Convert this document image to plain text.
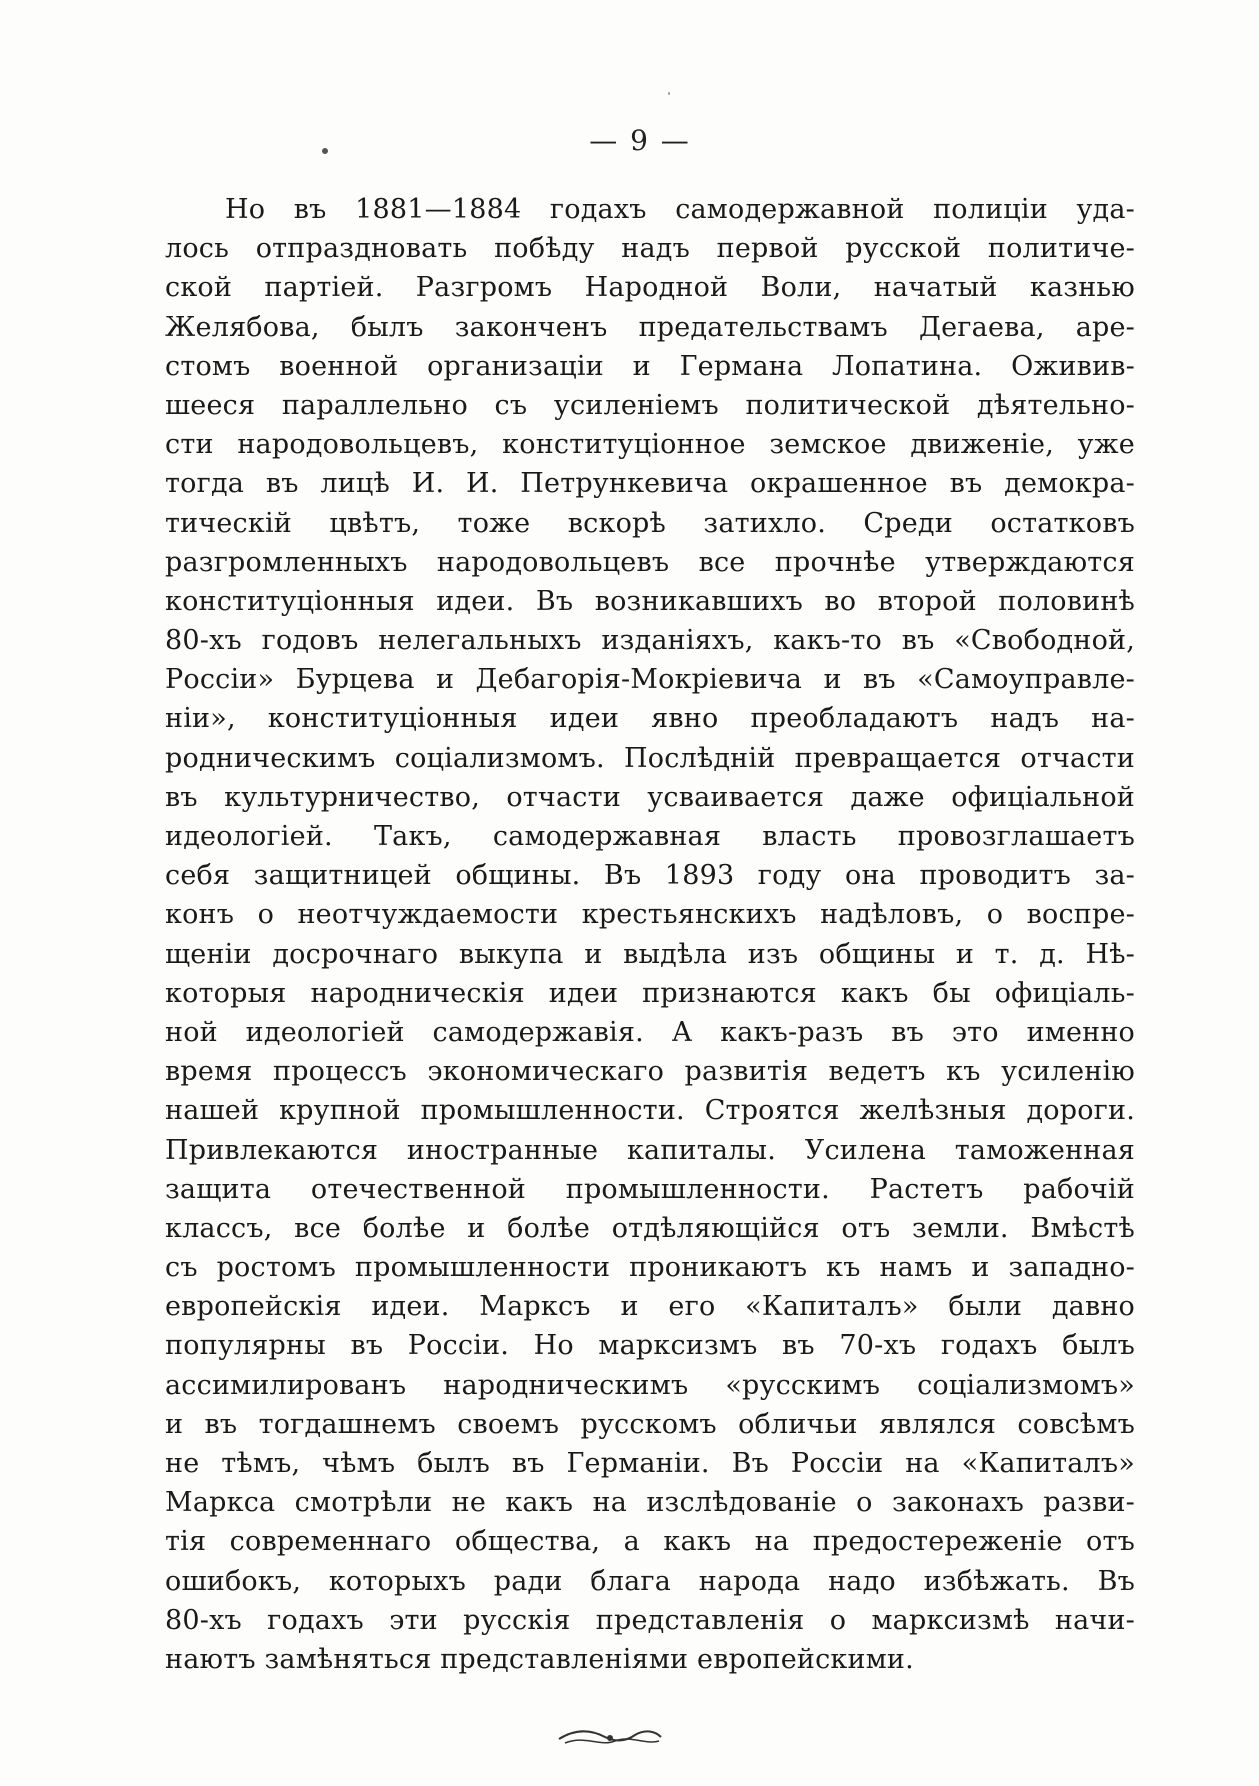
— 9 —
Но въ 1881—1884 годахъ самодержавной полиціи уда-
лось отпраздновать побѣду надъ первой русской политиче-
ской партіей. Разгромъ Народной Воли, начатый казнью
Желябова, былъ законченъ предательствамъ Дегаева, аре-
стомъ военной организаціи и Германа Лопатина. Оживив-
шееся параллельно съ усиленіемъ политической дѣятельно-
сти народовольцевъ, конституціонное земское движеніе, уже
тогда въ лицѣ И. И. Петрункевича окрашенное въ демокра-
тическій цвѣтъ, тоже вскорѣ затихло. Среди остатковъ
разгромленныхъ народовольцевъ все прочнѣе утверждаются
конституціонныя идеи. Въ возникавшихъ во второй половинѣ
80-хъ годовъ нелегальныхъ изданіяхъ, какъ-то въ «Свободной,
Россіи» Бурцева и Дебагорія-Мокріевича и въ «Самоуправле-
ніи», конституціонныя идеи явно преобладаютъ надъ на-
родническимъ соціализмомъ. Послѣдній превращается отчасти
въ культурничество, отчасти усваивается даже офиціальной
идеологіей. Такъ, самодержавная власть провозглашаетъ
себя защитницей общины. Въ 1893 году она проводитъ за-
конъ о неотчуждаемости крестьянскихъ надѣловъ, о воспре-
щеніи досрочнаго выкупа и выдѣла изъ общины и т. д. Нѣ-
которыя народническія идеи признаются какъ бы офиціаль-
ной идеологіей самодержавія. А какъ-разъ въ это именно
время процессъ экономическаго развитія ведетъ къ усиленію
нашей крупной промышленности. Строятся желѣзныя дороги.
Привлекаются иностранные капиталы. Усилена таможенная
защита отечественной промышленности. Растетъ рабочій
классъ, все болѣе и болѣе отдѣляющійся отъ земли. Вмѣстѣ
съ ростомъ промышленности проникаютъ къ намъ и западно-
европейскія идеи. Марксъ и его «Капиталъ» были давно
популярны въ Россіи. Но марксизмъ въ 70-хъ годахъ былъ
ассимилированъ народническимъ «русскимъ соціализмомъ»
и въ тогдашнемъ своемъ русскомъ обличьи являлся совсѣмъ
не тѣмъ, чѣмъ былъ въ Германіи. Въ Россіи на «Капиталъ»
Маркса смотрѣли не какъ на изслѣдованіе о законахъ разви-
тія современнаго общества, а какъ на предостереженіе отъ
ошибокъ, которыхъ ради блага народа надо избѣжать. Въ
80-хъ годахъ эти русскія представленія о марксизмѣ начи-
наютъ замѣняться представленіями европейскими.
